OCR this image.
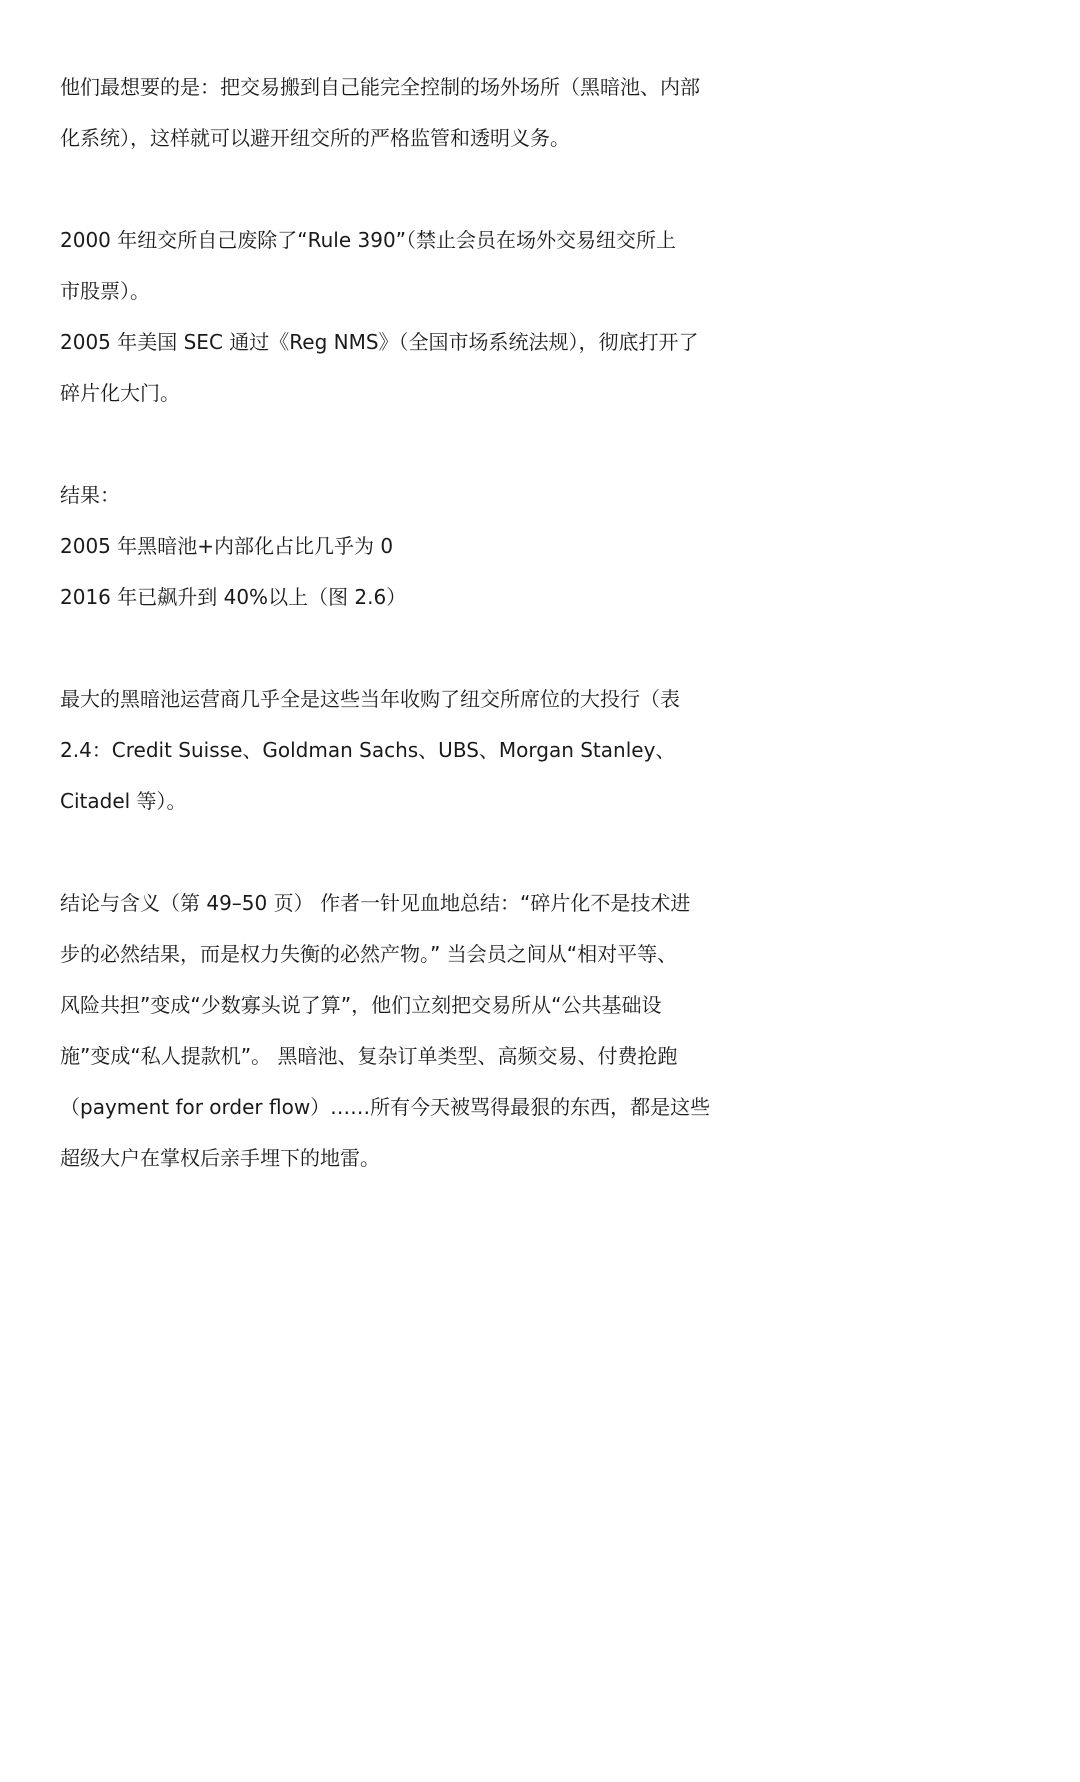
他们最想要的是：把交易搬到自己能完全控制的场外场所（黑暗池、内部
化系统），这样就可以避开纽交所的严格监管和透明义务。
2000 年纽交所自己废除了“Rule 390”（禁止会员在场外交易纽交所上
市股票）。
2005 年美国 SEC 通过《Reg NMS》（全国市场系统法规），彻底打开了
碎片化大门。
结果：
2005 年黑暗池+内部化占比几乎为 0
2016 年已飙升到 40%以上（图 2.6）
最大的黑暗池运营商几乎全是这些当年收购了纽交所席位的大投行（表
2.4：Credit Suisse、Goldman Sachs、UBS、Morgan Stanley、
Citadel 等）。
结论与含义（第 49–50 页） 作者一针见血地总结：“碎片化不是技术进
步的必然结果，而是权力失衡的必然产物。” 当会员之间从“相对平等、
风险共担”变成“少数寡头说了算”，他们立刻把交易所从“公共基础设
施”变成“私人提款机”。 黑暗池、复杂订单类型、高频交易、付费抢跑
（payment for order flow）……所有今天被骂得最狠的东西，都是这些
超级大户在掌权后亲手埋下的地雷。
